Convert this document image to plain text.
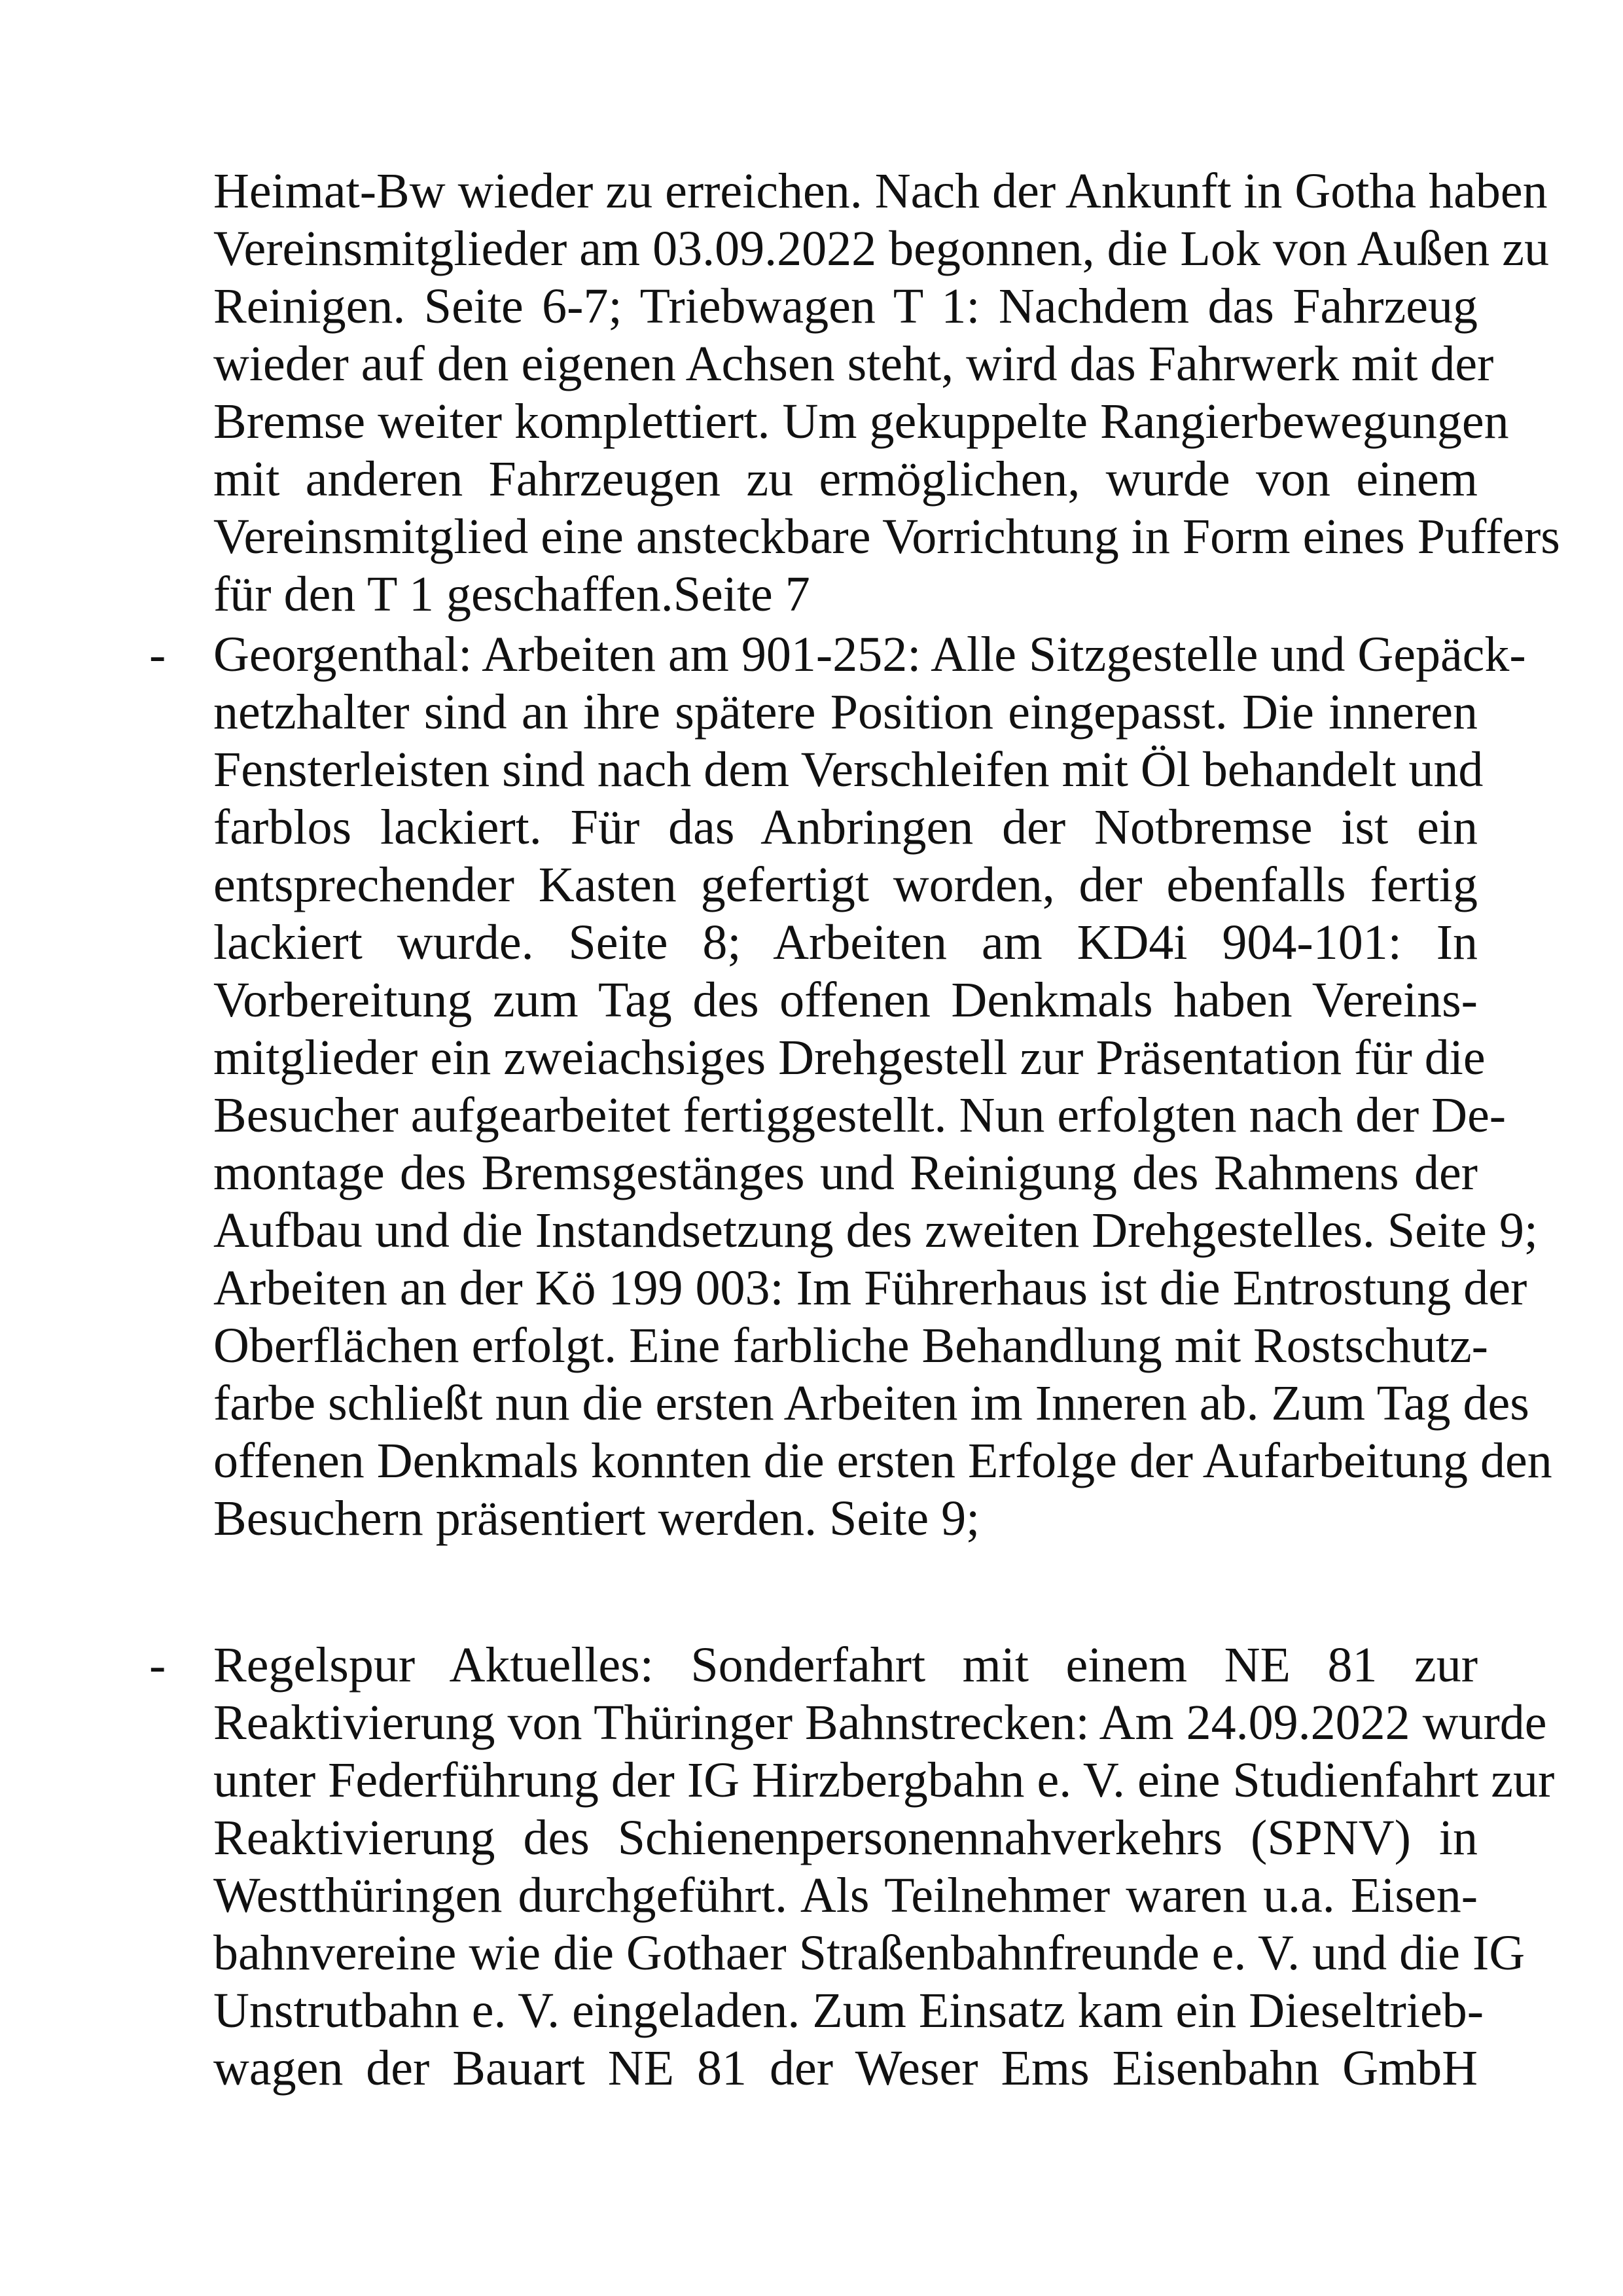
Heimat-Bw wieder zu erreichen. Nach der Ankunft in Gotha haben
Vereinsmitglieder am 03.09.2022 begonnen, die Lok von Außen zu
Reinigen. Seite 6-7; Triebwagen T 1: Nachdem das Fahrzeug
wieder auf den eigenen Achsen steht, wird das Fahrwerk mit der
Bremse weiter komplettiert. Um gekuppelte Rangierbewegungen
mit anderen Fahrzeugen zu ermöglichen, wurde von einem
Vereinsmitglied eine ansteckbare Vorrichtung in Form eines Puffers
für den T 1 geschaffen.Seite 7
- Georgenthal: Arbeiten am 901-252: Alle Sitzgestelle und Gepäck-
netzhalter sind an ihre spätere Position eingepasst. Die inneren
Fensterleisten sind nach dem Verschleifen mit Öl behandelt und
farblos lackiert. Für das Anbringen der Notbremse ist ein
entsprechender Kasten gefertigt worden, der ebenfalls fertig
lackiert wurde. Seite 8; Arbeiten am KD4i 904-101: In
Vorbereitung zum Tag des offenen Denkmals haben Vereins-
mitglieder ein zweiachsiges Drehgestell zur Präsentation für die
Besucher aufgearbeitet fertiggestellt. Nun erfolgten nach der De-
montage des Bremsgestänges und Reinigung des Rahmens der
Aufbau und die Instandsetzung des zweiten Drehgestelles. Seite 9;
Arbeiten an der Kö 199 003: Im Führerhaus ist die Entrostung der
Oberflächen erfolgt. Eine farbliche Behandlung mit Rostschutz-
farbe schließt nun die ersten Arbeiten im Inneren ab. Zum Tag des
offenen Denkmals konnten die ersten Erfolge der Aufarbeitung den
Besuchern präsentiert werden. Seite 9;
- Regelspur Aktuelles: Sonderfahrt mit einem NE 81 zur
Reaktivierung von Thüringer Bahnstrecken: Am 24.09.2022 wurde
unter Federführung der IG Hirzbergbahn e. V. eine Studienfahrt zur
Reaktivierung des Schienenpersonennahverkehrs (SPNV) in
Westthüringen durchgeführt. Als Teilnehmer waren u.a. Eisen-
bahnvereine wie die Gothaer Straßenbahnfreunde e. V. und die IG
Unstrutbahn e. V. eingeladen. Zum Einsatz kam ein Dieseltrieb-
wagen der Bauart NE 81 der Weser Ems Eisenbahn GmbH
